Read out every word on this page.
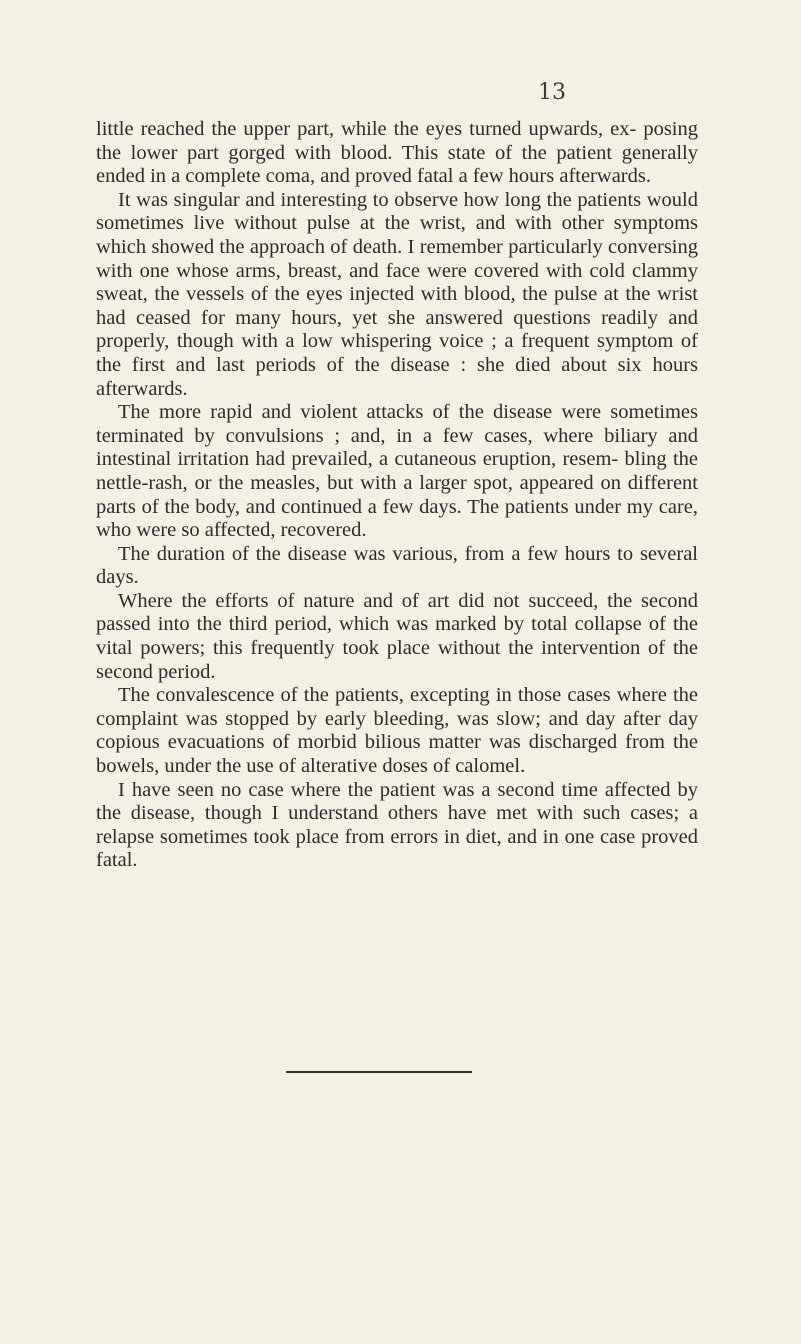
13

little reached the upper part, while the eyes turned upwards, ex- posing the lower part gorged with blood. This state of the patient generally ended in a complete coma, and proved fatal a few hours afterwards.

It was singular and interesting to observe how long the patients would sometimes live without pulse at the wrist, and with other symptoms which showed the approach of death. I remember particularly conversing with one whose arms, breast, and face were covered with cold clammy sweat, the vessels of the eyes injected with blood, the pulse at the wrist had ceased for many hours, yet she answered questions readily and properly, though with a low whispering voice ; a frequent symptom of the first and last periods of the disease : she died about six hours afterwards.

The more rapid and violent attacks of the disease were sometimes terminated by convulsions ; and, in a few cases, where biliary and intestinal irritation had prevailed, a cutaneous eruption, resem- bling the nettle-rash, or the measles, but with a larger spot, appeared on different parts of the body, and continued a few days. The patients under my care, who were so affected, recovered.

The duration of the disease was various, from a few hours to several days.

Where the efforts of nature and of art did not succeed, the second passed into the third period, which was marked by total collapse of the vital powers; this frequently took place without the intervention of the second period.

The convalescence of the patients, excepting in those cases where the complaint was stopped by early bleeding, was slow; and day after day copious evacuations of morbid bilious matter was discharged from the bowels, under the use of alterative doses of calomel.

I have seen no case where the patient was a second time affected by the disease, though I understand others have met with such cases; a relapse sometimes took place from errors in diet, and in one case proved fatal.
